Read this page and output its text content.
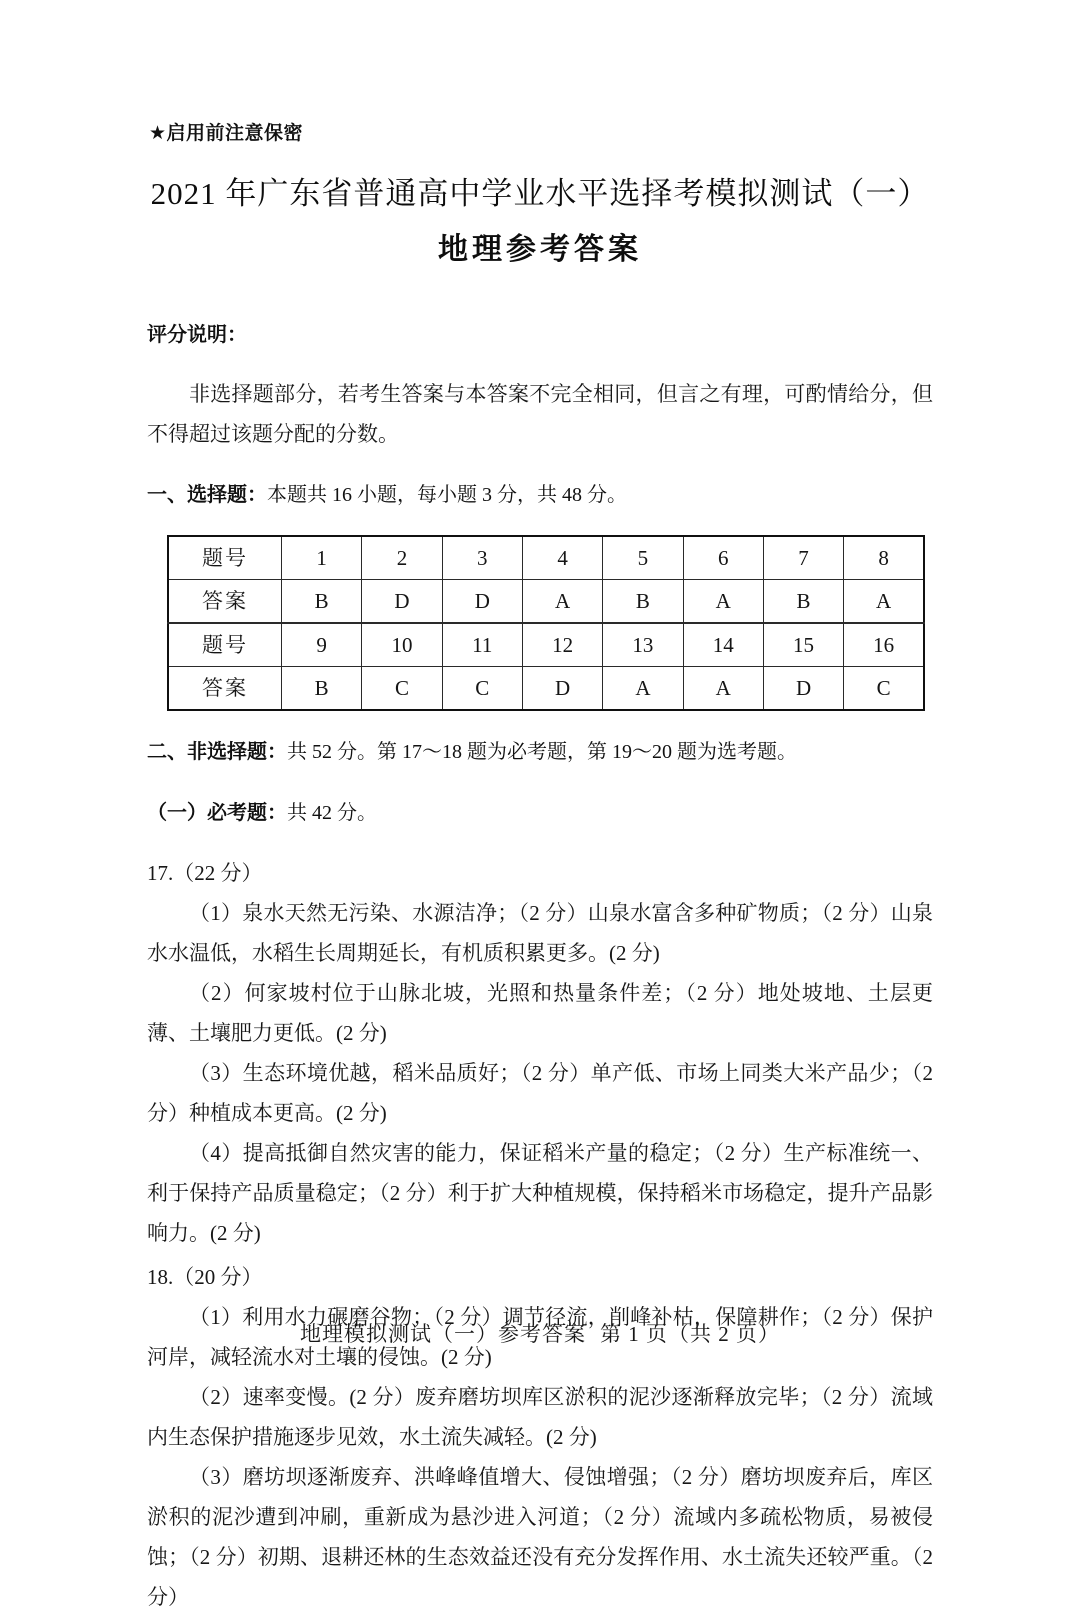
★启用前注意保密
2021 年广东省普通高中学业水平选择考模拟测试（一）
地理参考答案

评分说明：

非选择题部分，若考生答案与本答案不完全相同，但言之有理，可酌情给分，但不得超过该题分配的分数。

一、选择题：本题共 16 小题，每小题 3 分，共 48 分。

题号	1	2	3	4	5	6	7	8
答案	B	D	D	A	B	A	B	A
题号	9	10	11	12	13	14	15	16
答案	B	C	C	D	A	A	D	C

二、非选择题：共 52 分。第 17～18 题为必考题，第 19～20 题为选考题。

（一）必考题：共 42 分。

17.（22 分）

（1）泉水天然无污染、水源洁净；（2 分）山泉水富含多种矿物质；（2 分）山泉水水温低，水稻生长周期延长，有机质积累更多。(2 分)

（2）何家坡村位于山脉北坡，光照和热量条件差；（2 分）地处坡地、土层更薄、土壤肥力更低。(2 分)

（3）生态环境优越，稻米品质好；（2 分）单产低、市场上同类大米产品少；（2 分）种植成本更高。(2 分)

（4）提高抵御自然灾害的能力，保证稻米产量的稳定；（2 分）生产标准统一、利于保持产品质量稳定；（2 分）利于扩大种植规模，保持稻米市场稳定，提升产品影响力。(2 分)

18.（20 分）

（1）利用水力碾磨谷物；（2 分）调节径流，削峰补枯，保障耕作；（2 分）保护河岸，减轻流水对土壤的侵蚀。(2 分)

（2）速率变慢。(2 分）废弃磨坊坝库区淤积的泥沙逐渐释放完毕；（2 分）流域内生态保护措施逐步见效，水土流失减轻。(2 分)

（3）磨坊坝逐渐废弃、洪峰峰值增大、侵蚀增强；（2 分）磨坊坝废弃后，库区淤积的泥沙遭到冲刷，重新成为悬沙进入河道；（2 分）流域内多疏松物质，易被侵蚀；（2 分）初期、退耕还林的生态效益还没有充分发挥作用、水土流失还较严重。（2 分）

地理模拟测试（一）参考答案 第 1 页（共 2 页）
